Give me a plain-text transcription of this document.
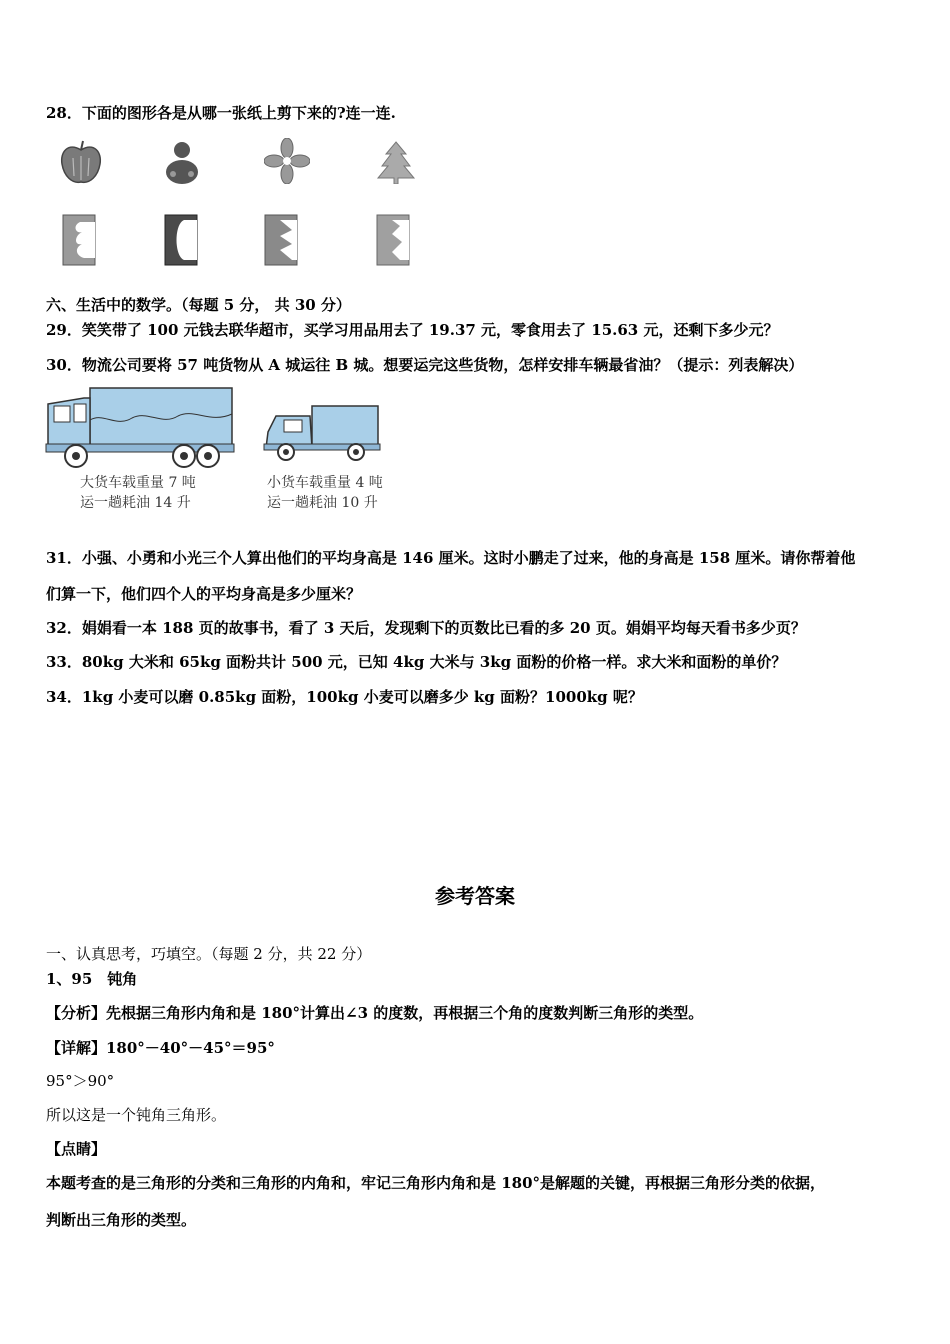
28．下面的图形各是从哪一张纸上剪下来的?连一连.
六、生活中的数学。（每题 5 分， 共 30 分）
29．笑笑带了 100 元钱去联华超市，买学习用品用去了 19.37 元，零食用去了 15.63 元，还剩下多少元？
30．物流公司要将 57 吨货物从 A 城运往 B 城。想要运完这些货物，怎样安排车辆最省油？（提示：列表解决）
大货车载重量 7 吨
运一趟耗油 14 升
小货车载重量 4 吨
运一趟耗油 10 升
31．小强、小勇和小光三个人算出他们的平均身高是 146 厘米。这时小鹏走了过来，他的身高是 158 厘米。请你帮着他
们算一下，他们四个人的平均身高是多少厘米？
32．娟娟看一本 188 页的故事书，看了 3 天后，发现剩下的页数比已看的多 20 页。娟娟平均每天看书多少页？
33．80kg 大米和 65kg 面粉共计 500 元，已知 4kg 大米与 3kg 面粉的价格一样。求大米和面粉的单价？
34．1kg 小麦可以磨 0.85kg 面粉，100kg 小麦可以磨多少 kg 面粉？1000kg 呢？
参考答案
一、认真思考，巧填空。（每题 2 分，共 22 分）
1、95　钝角
【分析】先根据三角形内角和是 180°计算出∠3 的度数，再根据三个角的度数判断三角形的类型。
【详解】180°－40°－45°＝95°
95°＞90°
所以这是一个钝角三角形。
【点睛】
本题考查的是三角形的分类和三角形的内角和，牢记三角形内角和是 180°是解题的关键，再根据三角形分类的依据，
判断出三角形的类型。
